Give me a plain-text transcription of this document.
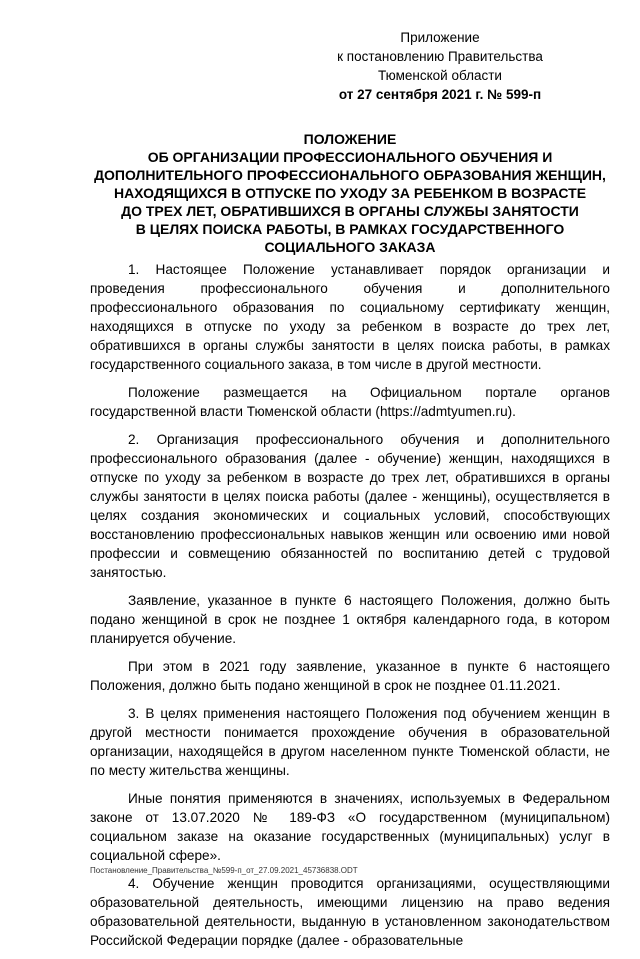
Приложение
к постановлению Правительства
Тюменской области
от 27 сентября 2021 г. № 599-п
ПОЛОЖЕНИЕ
ОБ ОРГАНИЗАЦИИ ПРОФЕССИОНАЛЬНОГО ОБУЧЕНИЯ И
ДОПОЛНИТЕЛЬНОГО ПРОФЕССИОНАЛЬНОГО ОБРАЗОВАНИЯ ЖЕНЩИН,
НАХОДЯЩИХСЯ В ОТПУСКЕ ПО УХОДУ ЗА РЕБЕНКОМ В ВОЗРАСТЕ
ДО ТРЕХ ЛЕТ, ОБРАТИВШИХСЯ В ОРГАНЫ СЛУЖБЫ ЗАНЯТОСТИ
В ЦЕЛЯХ ПОИСКА РАБОТЫ, В РАМКАХ ГОСУДАРСТВЕННОГО
СОЦИАЛЬНОГО ЗАКАЗА

1. Настоящее Положение устанавливает порядок организации и проведения профессионального обучения и дополнительного профессионального образования по социальному сертификату женщин, находящихся в отпуске по уходу за ребенком в возрасте до трех лет, обратившихся в органы службы занятости в целях поиска работы, в рамках государственного социального заказа, в том числе в другой местности.

Положение размещается на Официальном портале органов государственной власти Тюменской области (https://admtyumen.ru).

2. Организация профессионального обучения и дополнительного профессионального образования (далее - обучение) женщин, находящихся в отпуске по уходу за ребенком в возрасте до трех лет, обратившихся в органы службы занятости в целях поиска работы (далее - женщины), осуществляется в целях создания экономических и социальных условий, способствующих восстановлению профессиональных навыков женщин или освоению ими новой профессии и совмещению обязанностей по воспитанию детей с трудовой занятостью.

Заявление, указанное в пункте 6 настоящего Положения, должно быть подано женщиной в срок не позднее 1 октября календарного года, в котором планируется обучение.

При этом в 2021 году заявление, указанное в пункте 6 настоящего Положения, должно быть подано женщиной в срок не позднее 01.11.2021.

3. В целях применения настоящего Положения под обучением женщин в другой местности понимается прохождение обучения в образовательной организации, находящейся в другом населенном пункте Тюменской области, не по месту жительства женщины.

Иные понятия применяются в значениях, используемых в Федеральном законе от 13.07.2020 № 189-ФЗ «О государственном (муниципальном) социальном заказе на оказание государственных (муниципальных) услуг в социальной сфере».

4. Обучение женщин проводится организациями, осуществляющими образовательной деятельность, имеющими лицензию на право ведения образовательной деятельности, выданную в установленном законодательством Российской Федерации порядке (далее - образовательные

Постановление_Правительства_№599-п_от_27.09.2021_45736838.ODT
